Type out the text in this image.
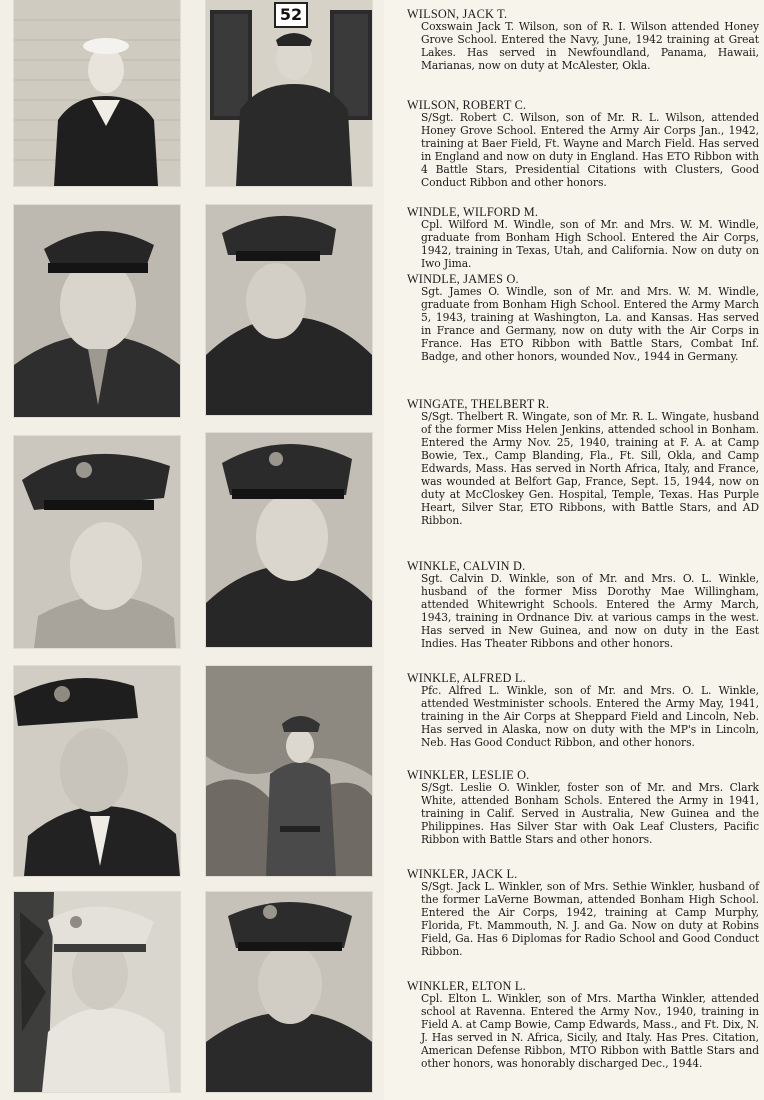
52	WILSON, JACK T.
Coxswain Jack T. Wilson, son of R. I. Wilson attended Honey Grove School. Entered the Navy, June, 1942 training at Great Lakes. Has served in Newfoundland, Panama, Hawaii, Marianas, now on duty at McAlester, Okla.
WILSON, ROBERT C.
S/Sgt. Robert C. Wilson, son of Mr. R. L. Wilson, attended Honey Grove School. Entered the Army Air Corps Jan., 1942, training at Baer Field, Ft. Wayne and March Field. Has served in England and now on duty in England. Has ETO Ribbon with 4 Battle Stars, Presidential Citations with Clusters, Good Conduct Ribbon and other honors.
WINDLE, WILFORD M.
Cpl. Wilford M. Windle, son of Mr. and Mrs. W. M. Windle, graduate from Bonham High School. Entered the Air Corps, 1942, training in Texas, Utah, and California. Now on duty on Iwo Jima.
WINDLE, JAMES O.
Sgt. James O. Windle, son of Mr. and Mrs. W. M. Windle, graduate from Bonham High School. Entered the Army March 5, 1943, training at Washington, La. and Kansas. Has served in France and Germany, now on duty with the Air Corps in France. Has ETO Ribbon with Battle Stars, Combat Inf. Badge, and other honors, wounded Nov., 1944 in Germany.
WINGATE, THELBERT R.
S/Sgt. Thelbert R. Wingate, son of Mr. R. L. Wingate, husband of the former Miss Helen Jenkins, attended school in Bonham. Entered the Army Nov. 25, 1940, training at F. A. at Camp Bowie, Tex., Camp Blanding, Fla., Ft. Sill, Okla, and Camp Edwards, Mass. Has served in North Africa, Italy, and France, was wounded at Belfort Gap, France, Sept. 15, 1944, now on duty at McCloskey Gen. Hospital, Temple, Texas. Has Purple Heart, Silver Star, ETO Ribbons, with Battle Stars, and AD Ribbon.
WINKLE, CALVIN D.
Sgt. Calvin D. Winkle, son of Mr. and Mrs. O. L. Winkle, husband of the former Miss Dorothy Mae Willingham, attended Whitewright Schools. Entered the Army March, 1943, training in Ordnance Div. at various camps in the west. Has served in New Guinea, and now on duty in the East Indies. Has Theater Ribbons and other honors.
WINKLE, ALFRED L.
Pfc. Alfred L. Winkle, son of Mr. and Mrs. O. L. Winkle, attended Westminister schools. Entered the Army May, 1941, training in the Air Corps at Sheppard Field and Lincoln, Neb. Has served in Alaska, now on duty with the MP's in Lincoln, Neb. Has Good Conduct Ribbon, and other honors.
WINKLER, LESLIE O.
S/Sgt. Leslie O. Winkler, foster son of Mr. and Mrs. Clark White, attended Bonham Schols. Entered the Army in 1941, training in Calif. Served in Australia, New Guinea and the Philippines. Has Silver Star with Oak Leaf Clusters, Pacific Ribbon with Battle Stars and other honors.
WINKLER, JACK L.
S/Sgt. Jack L. Winkler, son of Mrs. Sethie Winkler, husband of the former LaVerne Bowman, attended Bonham High School. Entered the Air Corps, 1942, training at Camp Murphy, Florida, Ft. Mammouth, N. J. and Ga. Now on duty at Robins Field, Ga. Has 6 Diplomas for Radio School and Good Conduct Ribbon.
WINKLER, ELTON L.
Cpl. Elton L. Winkler, son of Mrs. Martha Winkler, attended school at Ravenna. Entered the Army Nov., 1940, training in Field A. at Camp Bowie, Camp Edwards, Mass., and Ft. Dix, N. J. Has served in N. Africa, Sicily, and Italy. Has Pres. Citation, American Defense Ribbon, MTO Ribbon with Battle Stars and other honors, was honorably discharged Dec., 1944.
